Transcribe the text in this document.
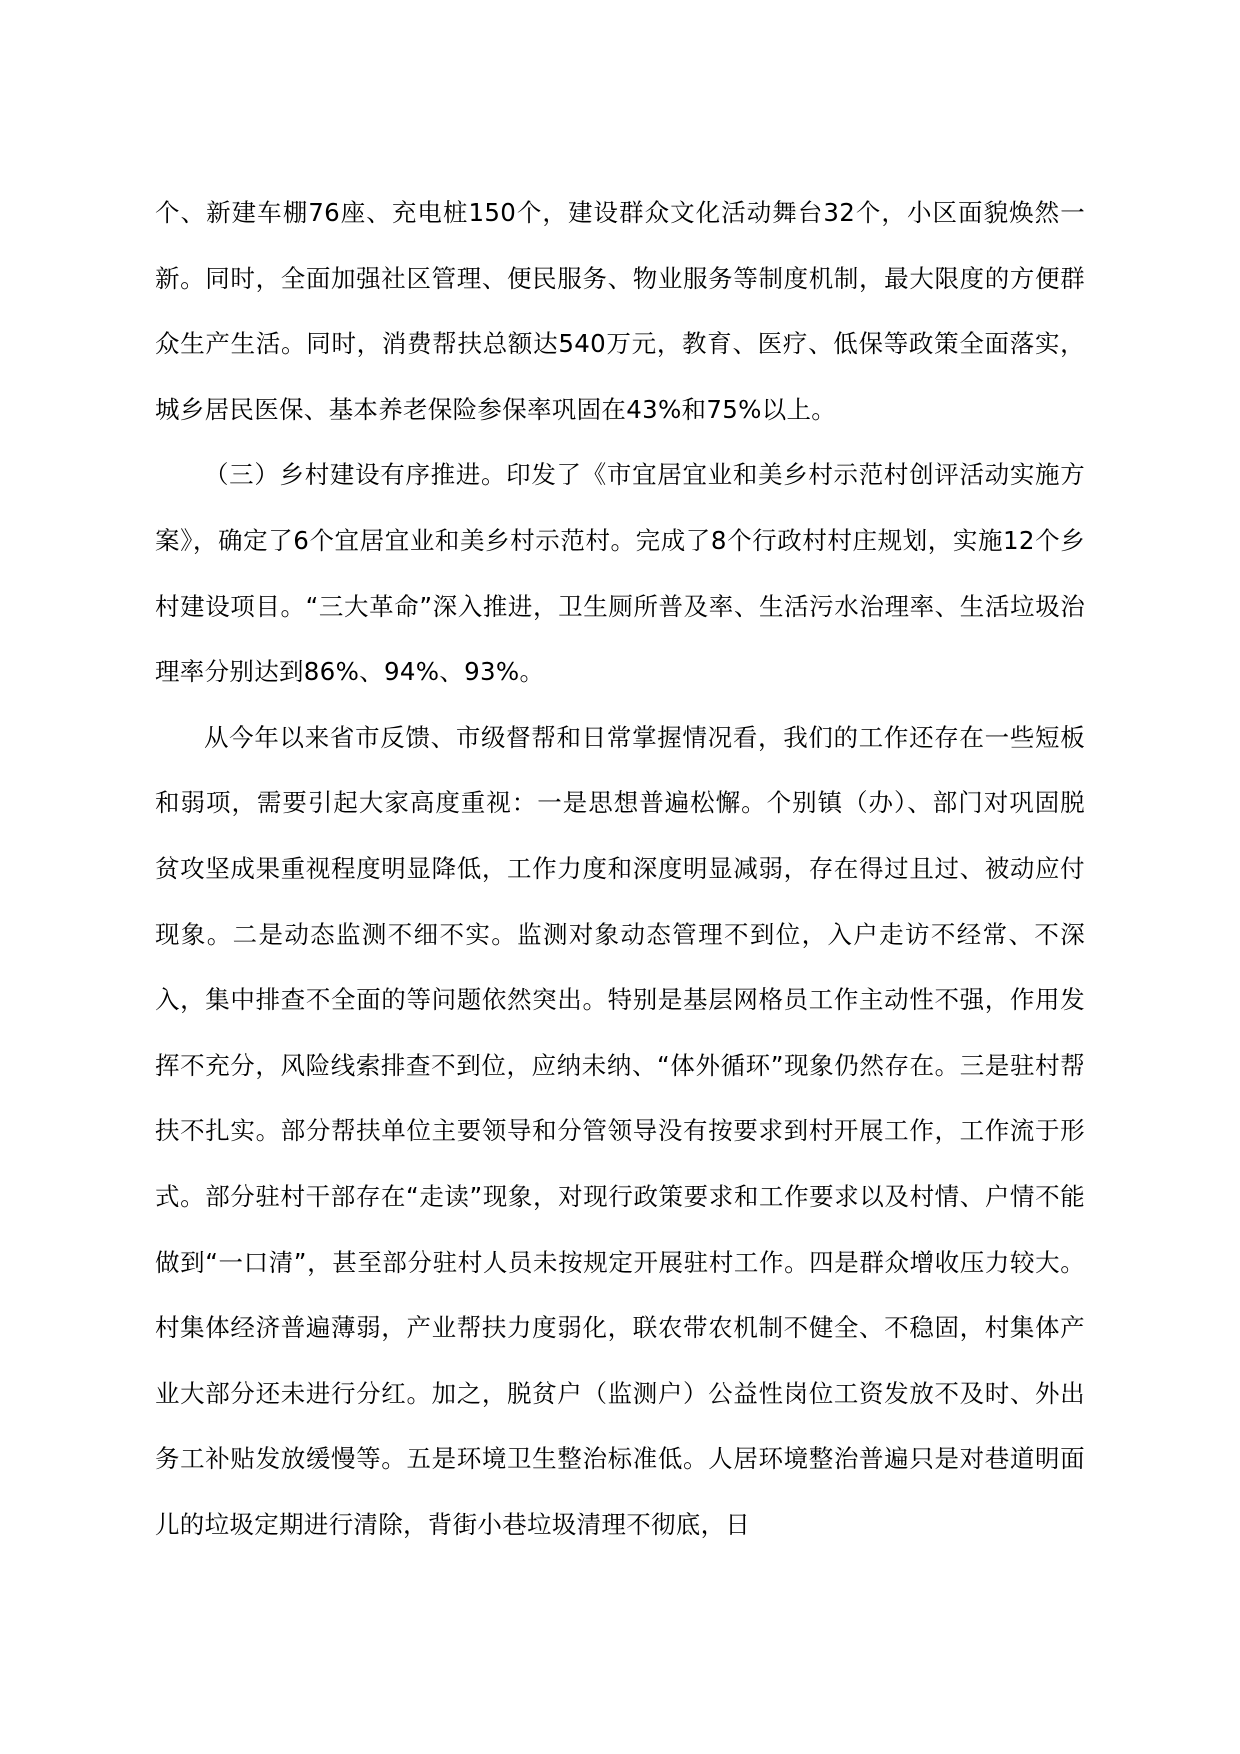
个、新建车棚76座、充电桩150个，建设群众文化活动舞台32个，小区面貌焕然一新。同时，全面加强社区管理、便民服务、物业服务等制度机制，最大限度的方便群众生产生活。同时，消费帮扶总额达540万元，教育、医疗、低保等政策全面落实，城乡居民医保、基本养老保险参保率巩固在43%和75%以上。

（三）乡村建设有序推进。印发了《市宜居宜业和美乡村示范村创评活动实施方案》，确定了6个宜居宜业和美乡村示范村。完成了8个行政村村庄规划，实施12个乡村建设项目。“三大革命”深入推进，卫生厕所普及率、生活污水治理率、生活垃圾治理率分别达到86%、94%、93%。

从今年以来省市反馈、市级督帮和日常掌握情况看，我们的工作还存在一些短板和弱项，需要引起大家高度重视：一是思想普遍松懈。个别镇（办）、部门对巩固脱贫攻坚成果重视程度明显降低，工作力度和深度明显减弱，存在得过且过、被动应付现象。二是动态监测不细不实。监测对象动态管理不到位，入户走访不经常、不深入，集中排查不全面的等问题依然突出。特别是基层网格员工作主动性不强，作用发挥不充分，风险线索排查不到位，应纳未纳、“体外循环”现象仍然存在。三是驻村帮扶不扎实。部分帮扶单位主要领导和分管领导没有按要求到村开展工作，工作流于形式。部分驻村干部存在“走读”现象，对现行政策要求和工作要求以及村情、户情不能做到“一口清”，甚至部分驻村人员未按规定开展驻村工作。四是群众增收压力较大。村集体经济普遍薄弱，产业帮扶力度弱化，联农带农机制不健全、不稳固，村集体产业大部分还未进行分红。加之，脱贫户（监测户）公益性岗位工资发放不及时、外出务工补贴发放缓慢等。五是环境卫生整治标准低。人居环境整治普遍只是对巷道明面儿的垃圾定期进行清除，背街小巷垃圾清理不彻底，日
